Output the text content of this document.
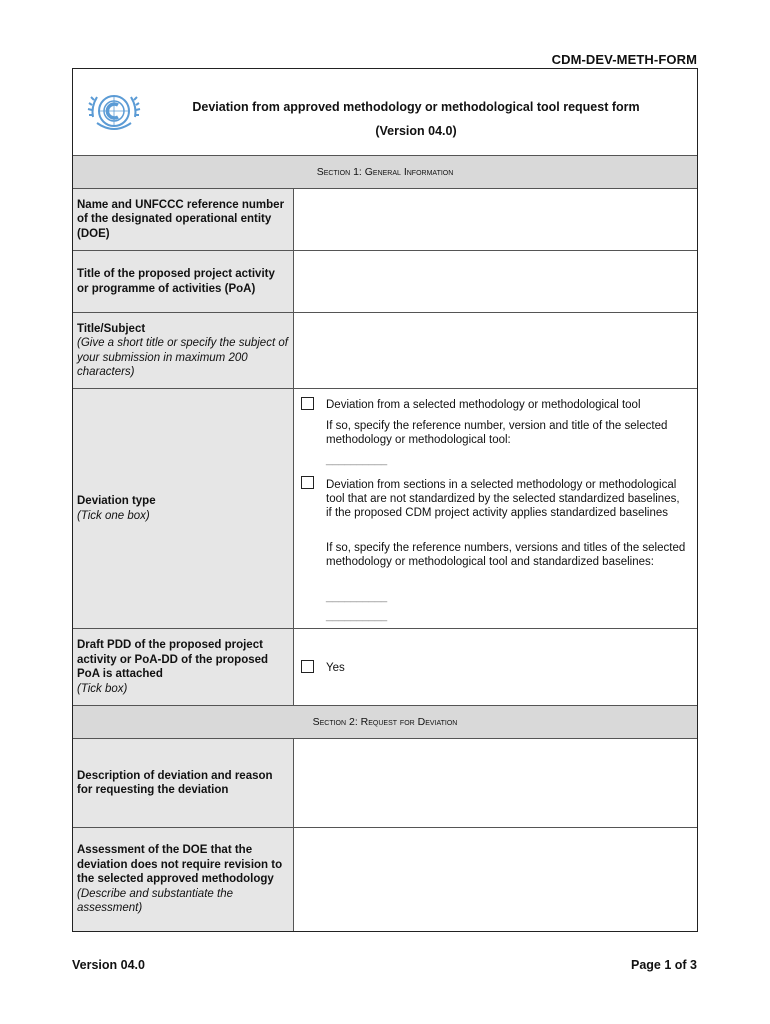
CDM-DEV-METH-FORM
Deviation from approved methodology or methodological tool request form
(Version 04.0)
Section 1: General Information
Name and UNFCCC reference number of the designated operational entity (DOE)
Title of the proposed project activity or programme of activities (PoA)
Title/Subject
(Give a short title or specify the subject of your submission in maximum 200 characters)
Deviation type
(Tick one box)
Deviation from a selected methodology or methodological tool
If so, specify the reference number, version and title of the selected methodology or methodological tool:
__________
Deviation from sections in a selected methodology or methodological tool that are not standardized by the selected standardized baselines, if the proposed CDM project activity applies standardized baselines
If so, specify the reference numbers, versions and titles of the selected methodology or methodological tool and standardized baselines:
__________
__________
Draft PDD of the proposed project activity or PoA-DD of the proposed PoA is attached
(Tick box)
Yes
Section 2: Request for Deviation
Description of deviation and reason for requesting the deviation
Assessment of the DOE that the deviation does not require revision to the selected approved methodology
(Describe and substantiate the assessment)
Version 04.0	Page 1 of 3
